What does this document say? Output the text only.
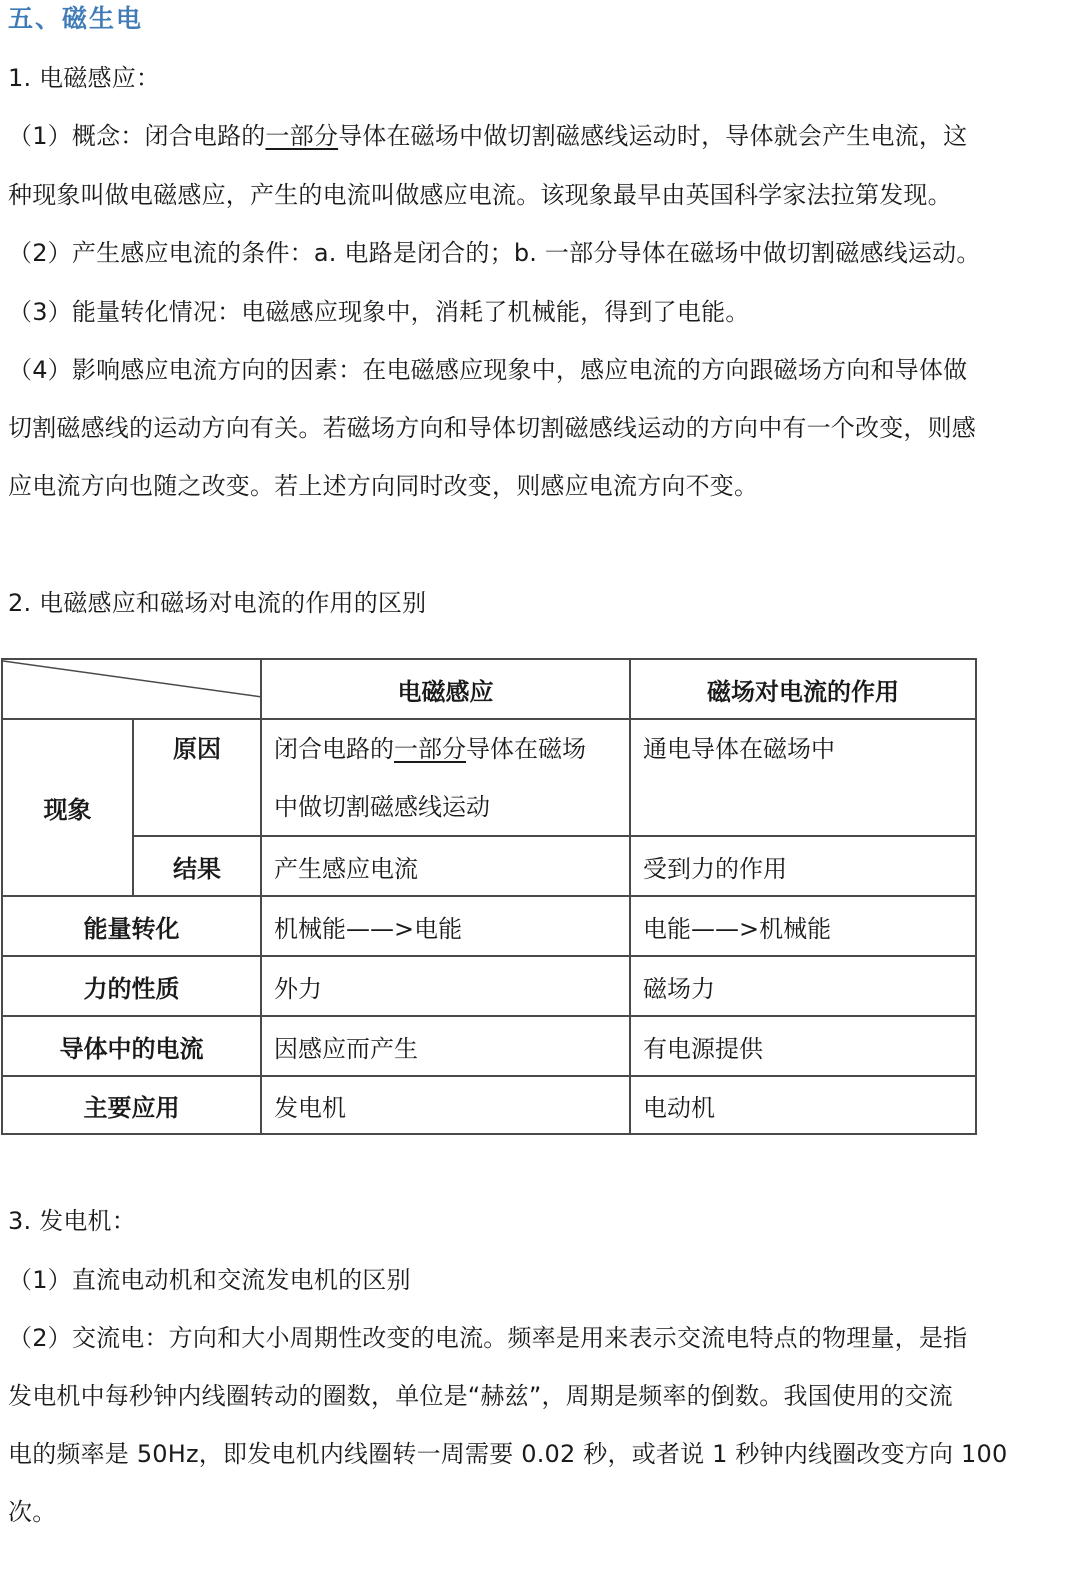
五、磁生电
1. 电磁感应：
（1）概念：闭合电路的一部分导体在磁场中做切割磁感线运动时，导体就会产生电流，这
种现象叫做电磁感应，产生的电流叫做感应电流。该现象最早由英国科学家法拉第发现。
（2）产生感应电流的条件：a. 电路是闭合的；b. 一部分导体在磁场中做切割磁感线运动。
（3）能量转化情况：电磁感应现象中，消耗了机械能，得到了电能。
（4）影响感应电流方向的因素：在电磁感应现象中，感应电流的方向跟磁场方向和导体做
切割磁感线的运动方向有关。若磁场方向和导体切割磁感线运动的方向中有一个改变，则感
应电流方向也随之改变。若上述方向同时改变，则感应电流方向不变。
2. 电磁感应和磁场对电流的作用的区别
	电磁感应	磁场对电流的作用
现象	原因	闭合电路的一部分导体在磁场
中做切割磁感线运动	通电导体在磁场中
	结果	产生感应电流	受到力的作用
能量转化		机械能——>电能	电能——>机械能
力的性质		外力	磁场力
导体中的电流		因感应而产生	有电源提供
主要应用		发电机	电动机
3. 发电机：
（1）直流电动机和交流发电机的区别
（2）交流电：方向和大小周期性改变的电流。频率是用来表示交流电特点的物理量，是指
发电机中每秒钟内线圈转动的圈数，单位是“赫兹”，周期是频率的倒数。我国使用的交流
电的频率是 50Hz，即发电机内线圈转一周需要 0.02 秒，或者说 1 秒钟内线圈改变方向 100
次。
